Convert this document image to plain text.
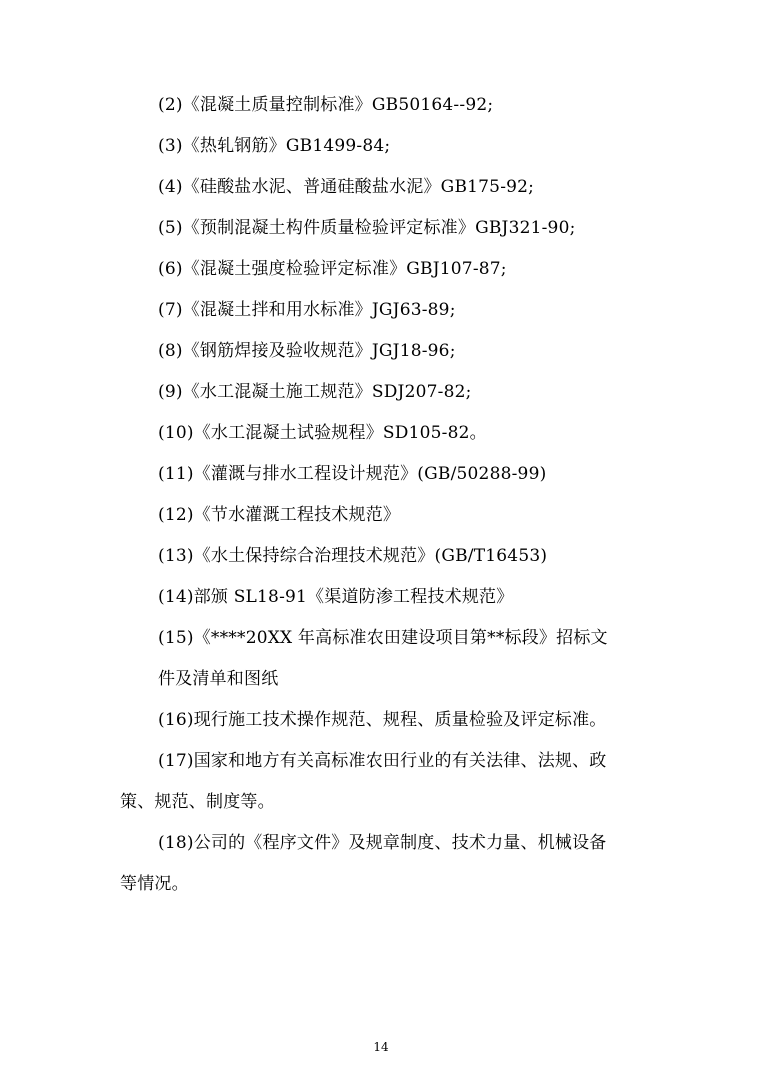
(2)《混凝土质量控制标准》GB50164--92;
(3)《热轧钢筋》GB1499-84;
(4)《硅酸盐水泥、普通硅酸盐水泥》GB175-92;
(5)《预制混凝土构件质量检验评定标准》GBJ321-90;
(6)《混凝土强度检验评定标准》GBJ107-87;
(7)《混凝土拌和用水标准》JGJ63-89;
(8)《钢筋焊接及验收规范》JGJ18-96;
(9)《水工混凝土施工规范》SDJ207-82;
(10)《水工混凝土试验规程》SD105-82。
(11)《灌溉与排水工程设计规范》(GB/50288-99)
(12)《节水灌溉工程技术规范》
(13)《水土保持综合治理技术规范》(GB/T16453)
(14)部颁 SL18-91《渠道防渗工程技术规范》
(15)《****20XX 年高标准农田建设项目第**标段》招标文
件及清单和图纸
(16)现行施工技术操作规范、规程、质量检验及评定标准。
(17)国家和地方有关高标准农田行业的有关法律、法规、政
策、规范、制度等。
(18)公司的《程序文件》及规章制度、技术力量、机械设备
等情况。
14
